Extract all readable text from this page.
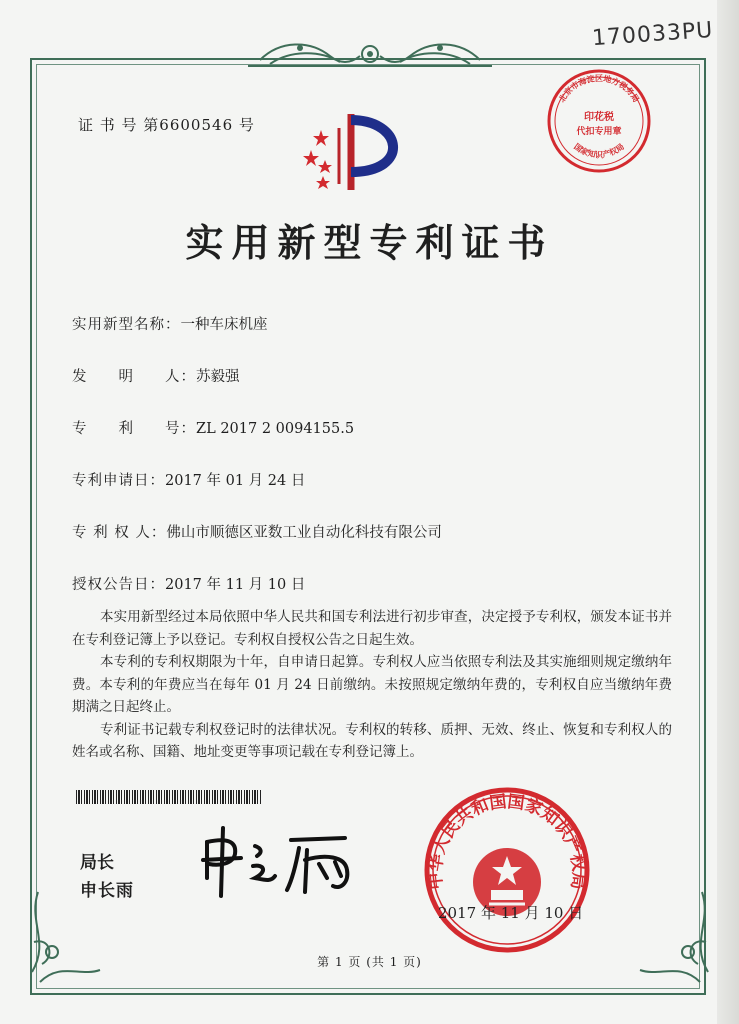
170033PU
证 书 号 第6600546 号
北京市海淀区地方税务局
印花税
代扣专用章
国家知识产权局
实用新型专利证书
实用新型名称：一种车床机座
发　　明　　人：苏毅强
专　　利　　号：ZL 2017 2 0094155.5
专利申请日：2017 年 01 月 24 日
专 利 权 人：佛山市顺德区亚数工业自动化科技有限公司
授权公告日：2017 年 11 月 10 日

本实用新型经过本局依照中华人民共和国专利法进行初步审查，决定授予专利权，颁发本证书并在专利登记簿上予以登记。专利权自授权公告之日起生效。

本专利的专利权期限为十年，自申请日起算。专利权人应当依照专利法及其实施细则规定缴纳年费。本专利的年费应当在每年 01 月 24 日前缴纳。未按照规定缴纳年费的，专利权自应当缴纳年费期满之日起终止。

专利证书记载专利权登记时的法律状况。专利权的转移、质押、无效、终止、恢复和专利权人的姓名或名称、国籍、地址变更等事项记载在专利登记簿上。

局长
申长雨
中华人民共和国国家知识产权局
2017 年 11 月 10 日
第 1 页 (共 1 页)
